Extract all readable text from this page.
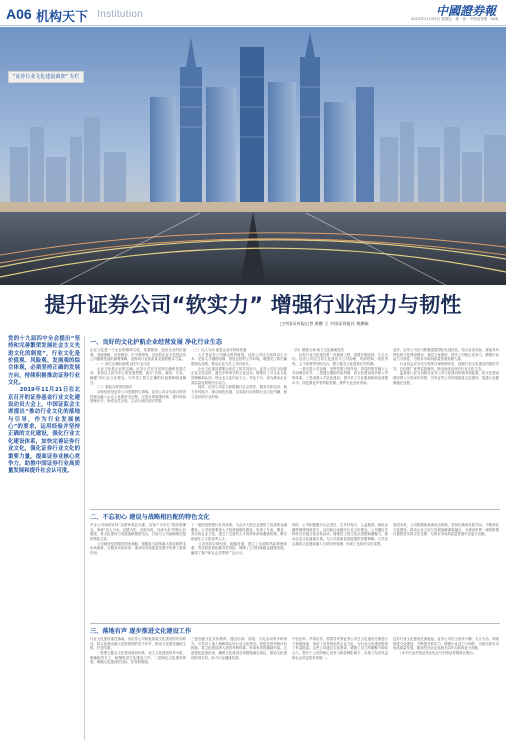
A06 机构天下 Institution	中國證券報
2022年11月25日 星期五 · 新 · 贵 · 中国证券报 · A06
"证券行业文化建设调查" 专栏
提升证券公司“软实力” 增强行业活力与韧性
□中国证券报记者 黄鹏 王 中国证券报社 黄鹏航
党的十九届四中全会提出“坚持和完善繁荣发展社会主义先进文化的制度”，行业文化是价值观、风险观、发展观的综合体现，必须坚持正确的发展方向，持续积极推动证券行业文化。
　　2019年11月21日在北京召开的证券基金行业文化建设动员大会上，中国证监会主席提出“推动行业文化的落地与引导，作为行业发展核心”的要求，运用经验并坚持正确的文化建设，强化行业文化建设体系，加快完善证券行业文化，强化证券行业文化的重要力量，提高证券业核心竞争力，助推中国证券行业高质量发展和提升社会认可度。
一、良好的文化护航企业经营发展 净化行业生态
企业文化是一个企业的精神文化，发展精神，包括企业的价值观、发展战略、经营理念、行为准则等。良好的企业文化是证券公司健康发展的重要保障，是推动行业高质量发展的根本力量。
　　（一）树立正确价值观 践行行业文化
　　企业文化是企业的灵魂。证券公司应当坚持正确的发展方向，坚持以人民为中心的发展思想，践行“合规、诚信、专业、稳健”的行业文化理念，引导员工树立正确的价值观和职业操守。
　　（二）强化合规风控意识
　　合规经营是证券公司发展的生命线。证券公司应当将合规风控理念融入企业文化建设全过程，完善合规管理体系，提升风险管理水平，形成全员合规、主动合规的良好氛围。
（三）以人为本 促进企业可持续发展
　　人才是证券公司最宝贵的财富。证券公司应当坚持以人为本，完善人才激励机制，营造良好的工作环境，增强员工的归属感和认同感，推动企业与员工共同成长。
　　企业文化建设需要全体员工的共同参与。证券公司应当加强企业文化宣传，通过多种形式的文化活动，增强员工对企业文化的理解和认同，使企业文化内化于心、外化于行，成为推动企业高质量发展的内生动力。
　　同时，证券公司应当积极履行社会责任，服务实体经济，助力乡村振兴，推动绿色发展，以实际行动诠释行业文化内涵，树立良好的行业形象。
（四）精准合规 助力文化落地见效
　　证券行业文化建设是一项系统工程，需要长期坚持、久久为功。证券公司应当将文化建设与公司治理、内部控制、绩效考核、人才培养等有机结合，建立健全文化建设长效机制。
　　一是完善公司治理，发挥党建引领作用，将党的领导融入公司治理各环节。二是健全激励约束机制，将文化建设成效纳入考核体系。三是加强人才队伍建设，提升员工专业素质和职业道德水平。四是强化声誉风险管理，维护行业良好形象。
此外，证券公司应当积极借鉴国际先进经验，结合自身实际，探索具有特色的文化建设路径。通过文化建设，提升公司核心竞争力，增强行业活力与韧性，为资本市场高质量发展贡献力量。
　　行业协会应当充分发挥自律管理作用，加强行业文化建设的组织引导，总结推广优秀实践案例，推动形成良好的行业文化生态。
　　监管部门应当加强对证券公司文化建设的指导和监督，将文化建设情况纳入分类评价体系，引导证券公司持续推进文化建设，促进行业健康稳定发展。
二、不忘初心 建设与战略相匹配的特色文化
中金公司始终坚持“以国家利益为重，以客户为中心”的经营理念，秉承“以人为本、以德为先、以和为贵、以诚为本”的核心价值观，将文化建设与发展战略紧密结合，打造与公司战略相匹配的特色文化。
　　公司始终坚持服务国家战略，积极参与国家重大项目和资本市场改革，在服务实体经济、推动经济高质量发展中发挥了重要作用。
了一流的投资银行业务体系，为众多大型企业提供了优质的金融服务。公司高度重视人才培养和团队建设，形成了专业、敬业、务实的企业文化，建立了完善的人才培养体系和激励机制，吸引和留住了大批优秀人才。
　　公司坚持合规经营、稳健发展，建立了全面的风险管理体系，有效防范和化解各类风险，保障了公司持续稳定健康发展，赢得了客户和社会各界的广泛认可。
同时，公司积极履行社会责任，在乡村振兴、公益慈善、绿色金融等领域持续发力，以实际行动践行行业文化理念。公司通过多种形式开展文化宣传活动，增强员工的文化认同感和凝聚力，推动企业文化落地生根，为公司高质量发展提供坚强保障。公司还注重将文化建设融入日常经营管理，形成了良好的文化氛围。
展望未来，公司将继续秉承优良传统，坚持正确的发展方向，不断深化文化建设，推动企业文化与发展战略深度融合，为建设世界一流投资银行提供坚实的文化支撑，为资本市场高质量发展作出更大贡献。
三、落地有声 逐步推进文化建设工作
行业文化建设重在落地。各证券公司积极探索文化建设的有效路径，将文化理念融入经营管理的各个环节，推动文化建设落地生根、开花结果。
　　一是建立健全文化建设组织体系，成立文化建设领导小组，明确职责分工，统筹推进文化建设工作。二是制定文化建设规划，明确文化建设的目标、任务和措施。
三是加强文化宣传教育，通过培训、讲座、文化活动等多种形式，引导员工深入理解和认同行业文化理念。四是完善考核评价机制，将文化建设纳入绩效考核体系，形成有效的激励约束。五是强化监督检查，确保文化建设各项措施落实到位，推动文化建设取得实效，助力行业健康发展。
中信证券、华泰证券、国泰君安等证券公司在文化建设方面进行了积极探索，形成了各具特色的企业文化，为行业文化建设提供了有益借鉴。这些公司通过文化建设，增强了员工的凝聚力和向心力，提升了公司的核心竞争力和品牌影响力，实现了经济效益和社会效益的有机统一。
证券行业文化建设任重道远。证券公司应当坚持不懈、久久为功，持续推进文化建设，不断提升软实力，增强行业活力与韧性，为推动资本市场高质量发展、服务经济社会发展大局作出新的更大贡献。
　　（本专栏由中国证券业协会与中国证券报联合推出）
